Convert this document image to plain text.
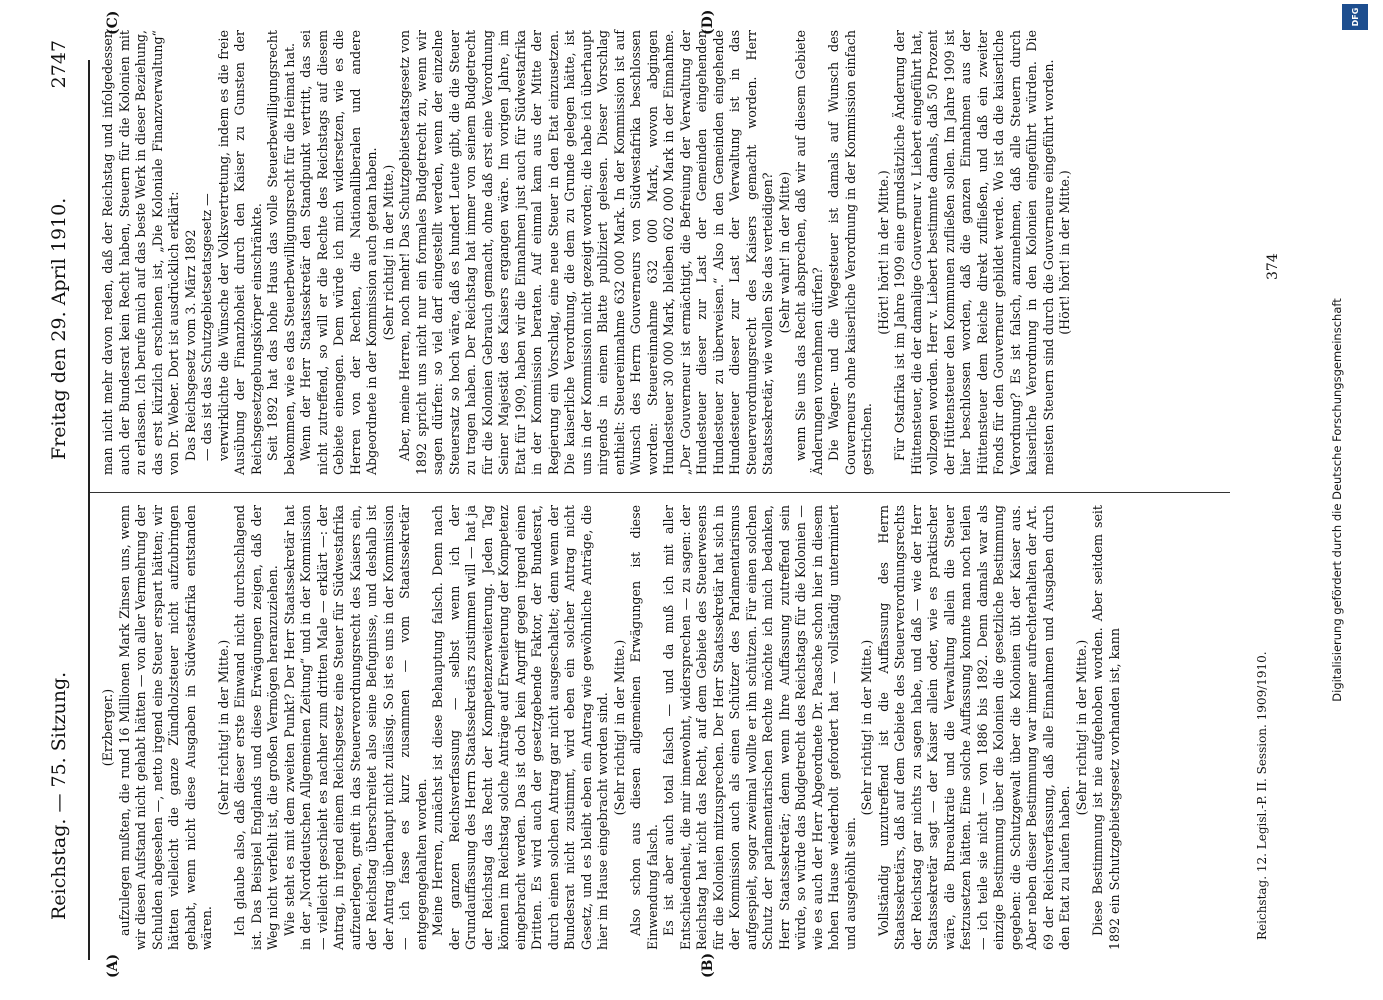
Reichstag. — 75. Sitzung.
Freitag den 29. April 1910.
2747
(A)	(B)
(C)	(D)

(Erzberger.) aufzulegen mußten, die rund 16 Millionen Mark Zinsen uns, wenn wir diesen Aufstand nicht gehabt hätten — von aller Vermehrung der Schulden abgesehen —, netto irgend eine Steuer erspart hätten; wir hätten vielleicht die ganze Zündholzsteuer nicht aufzubringen gehabt, wenn nicht diese Ausgaben in Südwestafrika entstanden wären.

(Sehr richtig! in der Mitte.) Ich glaube also, daß dieser erste Einwand nicht durchschlagend ist. Das Beispiel Englands und diese Erwägungen zeigen, daß der Weg nicht verfehlt ist, die großen Vermögen heranzuziehen. Wie steht es mit dem zweiten Punkt? Der Herr Staatssekretär hat in der „Norddeutschen Allgemeinen Zeitung“ und in der Kommission — vielleicht geschieht es nachher zum dritten Male — erklärt —: der Antrag, in irgend einem Reichsgesetz eine Steuer für Südwestafrika aufzuerlegen, greift in das Steuerverordnungsrecht des Kaisers ein, der Reichstag überschreitet also seine Befugnisse, und deshalb ist der Antrag überhaupt nicht zulässig. So ist es uns in der Kommission — ich fasse es kurz zusammen — vom Staatssekretär entgegengehalten worden. Meine Herren, zunächst ist diese Behauptung falsch. Denn nach der ganzen Reichsverfassung — selbst wenn ich der Grundauffassung des Herrn Staatssekretärs zustimmen will — hat ja der Reichstag das Recht der Kompetenzerweiterung. Jeden Tag können im Reichstag solche Anträge auf Erweiterung der Kompetenz eingebracht werden. Das ist doch kein Angriff gegen irgend einen Dritten. Es wird auch der gesetzgebende Faktor, der Bundesrat, durch einen solchen Antrag gar nicht ausgeschaltet; denn wenn der Bundesrat nicht zustimmt, wird eben ein solcher Antrag nicht Gesetz, und es bleibt eben ein Antrag wie gewöhnliche Anträge, die hier im Hause eingebracht worden sind. (Sehr richtig! in der Mitte.) Also schon aus diesen allgemeinen Erwägungen ist diese Einwendung falsch. Es ist aber auch total falsch — und da muß ich mit aller Entschiedenheit, die mir innewohnt, widersprechen — zu sagen: der Reichstag hat nicht das Recht, auf dem Gebiete des Steuerwesens für die Kolonien mitzusprechen. Der Herr Staatssekretär hat sich in der Kommission auch als einen Schützer des Parlamentarismus aufgespielt, sogar zweimal wollte er ihn schützen. Für einen solchen Schutz der parlamentarischen Rechte möchte ich mich bedanken, Herr Staatssekretär; denn wenn Ihre Auffassung zutreffend sein würde, so würde das Budgetrecht des Reichstags für die Kolonien — wie es auch der Herr Abgeordnete Dr. Paasche schon hier in diesem hohen Hause wiederholt gefordert hat — vollständig unterminiert und ausgehöhlt sein.

(Sehr richtig! in der Mitte.) Vollständig unzutreffend ist die Auffassung des Herrn Staatssekretärs, daß auf dem Gebiete des Steuerverordnungsrechts der Reichstag gar nichts zu sagen habe, und daß — wie der Herr Staatssekretär sagt — der Kaiser allein oder, wie es praktischer wäre, die Bureaukratie und die Verwaltung allein die Steuer festzusetzen hätten. Eine solche Auffassung konnte man noch teilen — ich teile sie nicht — von 1886 bis 1892. Denn damals war als einzige Bestimmung über die Kolonien die gesetzliche Bestimmung gegeben: die Schutzgewalt über die Kolonien übt der Kaiser aus. Aber neben dieser Bestimmung war immer aufrechterhalten der Art. 69 der Reichsverfassung, daß alle Einnahmen und Ausgaben durch den Etat zu laufen haben.

(Sehr richtig! in der Mitte.) Diese Bestimmung ist nie aufgehoben worden. Aber seitdem seit 1892 ein Schutzgebietsgesetz vorhanden ist, kann

man nicht mehr davon reden, daß der Reichstag und infolgedessen auch der Bundesrat kein Recht haben, Steuern für die Kolonien mit zu erlassen. Ich berufe mich auf das beste Werk in dieser Beziehung, das erst kürzlich erschienen ist, „Die Koloniale Finanzverwaltung“ von Dr. Weber. Dort ist ausdrücklich erklärt: Das Reichsgesetz vom 3. März 1892 — das ist das Schutzgebietsetatsgesetz — verwirklichte die Wünsche der Volksvertretung, indem es die freie Ausübung der Finanzhoheit durch den Kaiser zu Gunsten der Reichsgesetzgebungskörper einschränkte. Seit 1892 hat das hohe Haus das volle Steuerbewilligungsrecht bekommen, wie es das Steuerbewilligungsrecht für die Heimat hat. Wenn der Herr Staatssekretär den Standpunkt vertritt, das sei nicht zutreffend, so will er die Rechte des Reichstags auf diesem Gebiete einengen. Dem würde ich mich widersetzen, wie es die Herren von der Rechten, die Nationalliberalen und andere Abgeordnete in der Kommission auch getan haben. (Sehr richtig! in der Mitte.) Aber, meine Herren, noch mehr! Das Schutzgebietsetatsgesetz von 1892 spricht uns nicht nur ein formales Budgetrecht zu, wenn wir sagen dürfen: so viel darf eingestellt werden, wenn der einzelne Steuersatz so hoch wäre, daß es hundert Leute gibt, die die Steuer zu tragen haben. Der Reichstag hat immer von seinem Budgetrecht für die Kolonien Gebrauch gemacht, ohne daß erst eine Verordnung Seiner Majestät des Kaisers ergangen wäre. Im vorigen Jahre, im Etat für 1909, haben wir die Einnahmen just auch für Südwestafrika in der Kommission beraten. Auf einmal kam aus der Mitte der Regierung ein Vorschlag, eine neue Steuer in den Etat einzusetzen. Die kaiserliche Verordnung, die dem zu Grunde gelegen hätte, ist uns in der Kommission nicht gezeigt worden; die habe ich überhaupt nirgends in einem Blatte publiziert gelesen. Dieser Vorschlag enthielt: Steuereinnahme 632 000 Mark. In der Kommission ist auf Wunsch des Herrn Gouverneurs von Südwestafrika beschlossen worden: Steuereinnahme 632 000 Mark, wovon abgingen Hundesteuer 30 000 Mark, bleiben 602 000 Mark in der Einnahme. „Der Gouverneur ist ermächtigt, die Befreiung der Verwaltung der Hundesteuer dieser zur Last der Gemeinden eingehenden Hundesteuer zu überweisen.“ Also in den Gemeinden eingehende Hundesteuer dieser zur Last der Verwaltung ist in das Steuerverordnungsrecht des Kaisers gemacht worden. Herr Staatssekretär, wie wollen Sie das verteidigen? (Sehr wahr! in der Mitte) wenn Sie uns das Recht absprechen, daß wir auf diesem Gebiete Änderungen vornehmen dürfen? Die Wagen- und die Wegesteuer ist damals auf Wunsch des Gouverneurs ohne kaiserliche Verordnung in der Kommission einfach gestrichen.

(Hört! hört! in der Mitte.) Für Ostafrika ist im Jahre 1909 eine grundsätzliche Änderung der Hüttensteuer, die der damalige Gouverneur v. Liebert eingeführt hat, vollzogen worden. Herr v. Liebert bestimmte damals, daß 50 Prozent der Hüttensteuer den Kommunen zufließen sollen. Im Jahre 1909 ist hier beschlossen worden, daß die ganzen Einnahmen aus der Hüttensteuer dem Reiche direkt zufließen, und daß ein zweiter Fonds für den Gouverneur gebildet werde. Wo ist da die kaiserliche Verordnung? Es ist falsch, anzunehmen, daß alle Steuern durch kaiserliche Verordnung in den Kolonien eingeführt würden. Die meisten Steuern sind durch die Gouverneure eingeführt worden. (Hört! hört! in der Mitte.)

Reichstag. 12. Legisl.-P. II. Session. 1909/1910.
374
Digitalisierung gefördert durch die Deutsche Forschungsgemeinschaft
DFG
